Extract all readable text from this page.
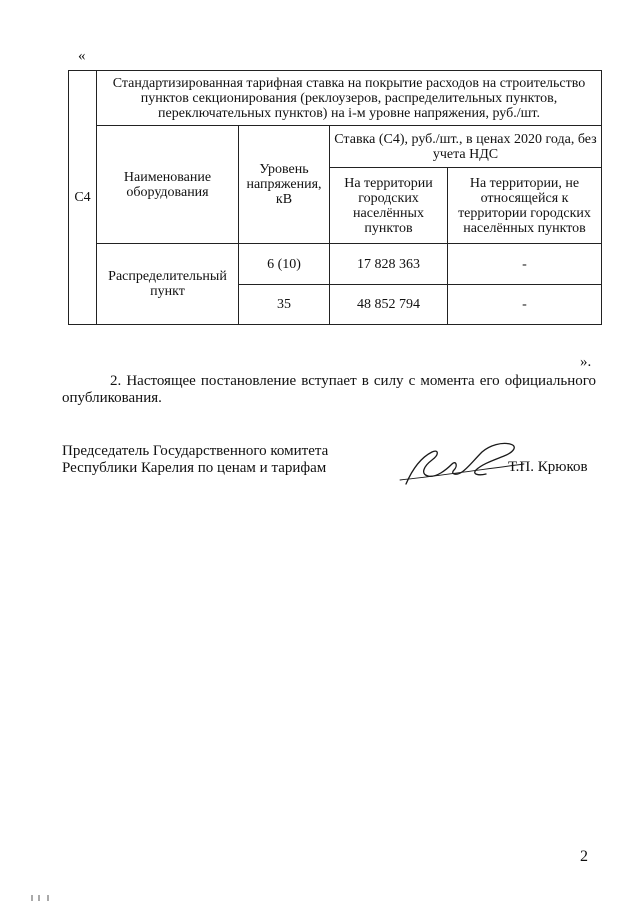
«
С4	Стандартизированная тарифная ставка на покрытие расходов на строительство пунктов секционирования (реклоузеров, распределительных пунктов, переключательных пунктов) на i-м уровне напряжения, руб./шт.			
	Наименование оборудования	Уровень напряжения, кВ	Ставка (С4), руб./шт., в ценах 2020 года, без учета НДС	
			На территории городских населённых пунктов	На территории, не относящейся к территории городских населённых пунктов
	Распределительный пункт	6 (10)	17 828 363	-
		35	48 852 794	-
».
2. Настоящее постановление вступает в силу с момента его официального опубликования.
Председатель Государственного комитета
Республики Карелия по ценам и тарифам	Т.П. Крюков
2
